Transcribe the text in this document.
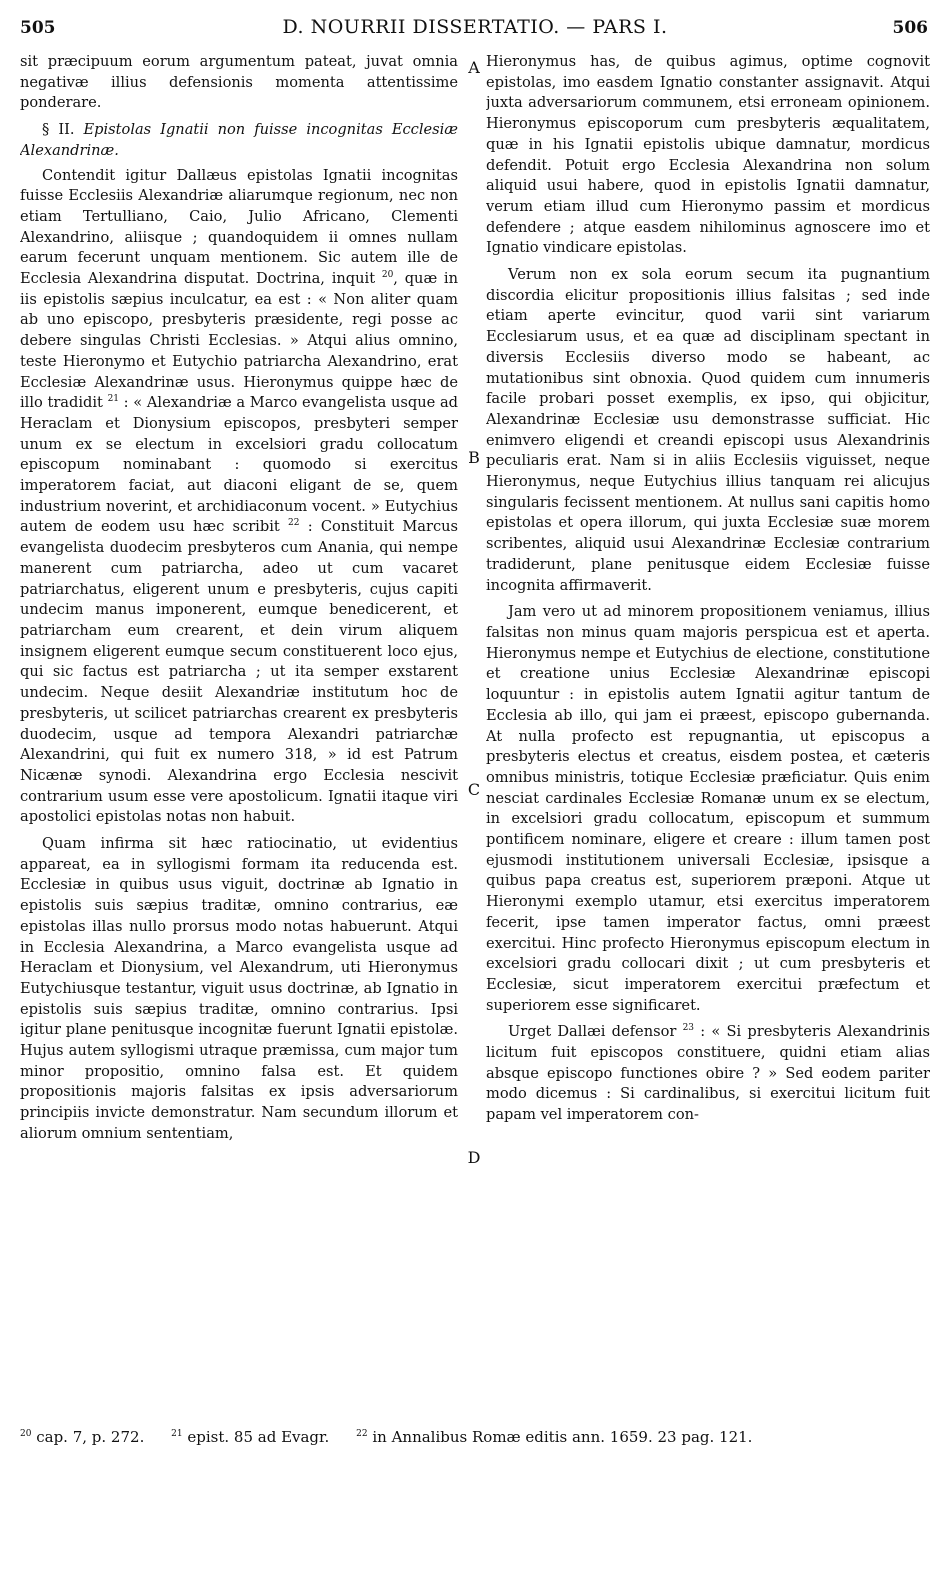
505	D. NOURRII DISSERTATIO. — PARS I.	506

sit præcipuum eorum argumentum pateat, juvat omnia negativæ illius defensionis momenta attentissime ponderare.

§ II. Epistolas Ignatii non fuisse incognitas Ecclesiæ Alexandrinæ.

Contendit igitur Dallæus epistolas Ignatii incognitas fuisse Ecclesiis Alexandriæ aliarumque regionum, nec non etiam Tertulliano, Caio, Julio Africano, Clementi Alexandrino, aliisque ; quandoquidem ii omnes nullam earum fecerunt unquam mentionem. Sic autem ille de Ecclesia Alexandrina disputat. Doctrina, inquit $^{20}$, quæ in iis epistolis sæpius inculcatur, ea est : « Non aliter quam ab uno episcopo, presbyteris præsidente, regi posse ac debere singulas Christi Ecclesias. » Atqui alius omnino, teste Hieronymo et Eutychio patriarcha Alexandrino, erat Ecclesiæ Alexandrinæ usus. Hieronymus quippe hæc de illo tradidit $^{21}$ : « Alexandriæ a Marco evangelista usque ad Heraclam et Dionysium episcopos, presbyteri semper unum ex se electum in excelsiori gradu collocatum episcopum nominabant : quomodo si exercitus imperatorem faciat, aut diaconi eligant de se, quem industrium noverint, et archidiaconum vocent. » Eutychius autem de eodem usu hæc scribit $^{22}$ : Constituit Marcus evangelista duodecim presbyteros cum Anania, qui nempe manerent cum patriarcha, adeo ut cum vacaret patriarchatus, eligerent unum e presbyteris, cujus capiti undecim manus imponerent, eumque benedicerent, et patriarcham eum crearent, et dein virum aliquem insignem eligerent eumque secum constituerent loco ejus, qui sic factus est patriarcha ; ut ita semper exstarent undecim. Neque desiit Alexandriæ institutum hoc de presbyteris, ut scilicet patriarchas crearent ex presbyteris duodecim, usque ad tempora Alexandri patriarchæ Alexandrini, qui fuit ex numero 318, » id est Patrum Nicænæ synodi. Alexandrina ergo Ecclesia nescivit contrarium usum esse vere apostolicum. Ignatii itaque viri apostolici epistolas notas non habuit.

Quam infirma sit hæc ratiocinatio, ut evidentius appareat, ea in syllogismi formam ita reducenda est. Ecclesiæ in quibus usus viguit, doctrinæ ab Ignatio in epistolis suis sæpius traditæ, omnino contrarius, eæ epistolas illas nullo prorsus modo notas habuerunt. Atqui in Ecclesia Alexandrina, a Marco evangelista usque ad Heraclam et Dionysium, vel Alexandrum, uti Hieronymus Eutychiusque testantur, viguit usus doctrinæ, ab Ignatio in epistolis suis sæpius traditæ, omnino contrarius. Ipsi igitur plane penitusque incognitæ fuerunt Ignatii epistolæ. Hujus autem syllogismi utraque præmissa, cum major tum minor propositio, omnino falsa est. Et quidem propositionis majoris falsitas ex ipsis adversariorum principiis invicte demonstratur. Nam secundum illorum et aliorum omnium sententiam,

A
B
C
D

Hieronymus has, de quibus agimus, optime cognovit epistolas, imo easdem Ignatio constanter assignavit. Atqui juxta adversariorum communem, etsi erroneam opinionem. Hieronymus episcoporum cum presbyteris æqualitatem, quæ in his Ignatii epistolis ubique damnatur, mordicus defendit. Potuit ergo Ecclesia Alexandrina non solum aliquid usui habere, quod in epistolis Ignatii damnatur, verum etiam illud cum Hieronymo passim et mordicus defendere ; atque easdem nihilominus agnoscere imo et Ignatio vindicare epistolas.

Verum non ex sola eorum secum ita pugnantium discordia elicitur propositionis illius falsitas ; sed inde etiam aperte evincitur, quod varii sint variarum Ecclesiarum usus, et ea quæ ad disciplinam spectant in diversis Ecclesiis diverso modo se habeant, ac mutationibus sint obnoxia. Quod quidem cum innumeris facile probari posset exemplis, ex ipso, qui objicitur, Alexandrinæ Ecclesiæ usu demonstrasse sufficiat. Hic enimvero eligendi et creandi episcopi usus Alexandrinis peculiaris erat. Nam si in aliis Ecclesiis viguisset, neque Hieronymus, neque Eutychius illius tanquam rei alicujus singularis fecissent mentionem. At nullus sani capitis homo epistolas et opera illorum, qui juxta Ecclesiæ suæ morem scribentes, aliquid usui Alexandrinæ Ecclesiæ contrarium tradiderunt, plane penitusque eidem Ecclesiæ fuisse incognita affirmaverit.

Jam vero ut ad minorem propositionem veniamus, illius falsitas non minus quam majoris perspicua est et aperta. Hieronymus nempe et Eutychius de electione, constitutione et creatione unius Ecclesiæ Alexandrinæ episcopi loquuntur : in epistolis autem Ignatii agitur tantum de Ecclesia ab illo, qui jam ei præest, episcopo gubernanda. At nulla profecto est repugnantia, ut episcopus a presbyteris electus et creatus, eisdem postea, et cæteris omnibus ministris, totique Ecclesiæ præficiatur. Quis enim nesciat cardinales Ecclesiæ Romanæ unum ex se electum, in excelsiori gradu collocatum, episcopum et summum pontificem nominare, eligere et creare : illum tamen post ejusmodi institutionem universali Ecclesiæ, ipsisque a quibus papa creatus est, superiorem præponi. Atque ut Hieronymi exemplo utamur, etsi exercitus imperatorem fecerit, ipse tamen imperator factus, omni præest exercitui. Hinc profecto Hieronymus episcopum electum in excelsiori gradu collocari dixit ; ut cum presbyteris et Ecclesiæ, sicut imperatorem exercitui præfectum et superiorem esse significaret.

Urget Dallæi defensor $^{23}$ : « Si presbyteris Alexandrinis licitum fuit episcopos constituere, quidni etiam alias absque episcopo functiones obire ? » Sed eodem pariter modo dicemus : Si cardinalibus, si exercitui licitum fuit papam vel imperatorem con-

$^{20}$ cap. 7, p. 272.	$^{21}$ epist. 85 ad Evagr.	$^{22}$ in Annalibus Romæ editis ann. 1659. 23 pag. 121.
